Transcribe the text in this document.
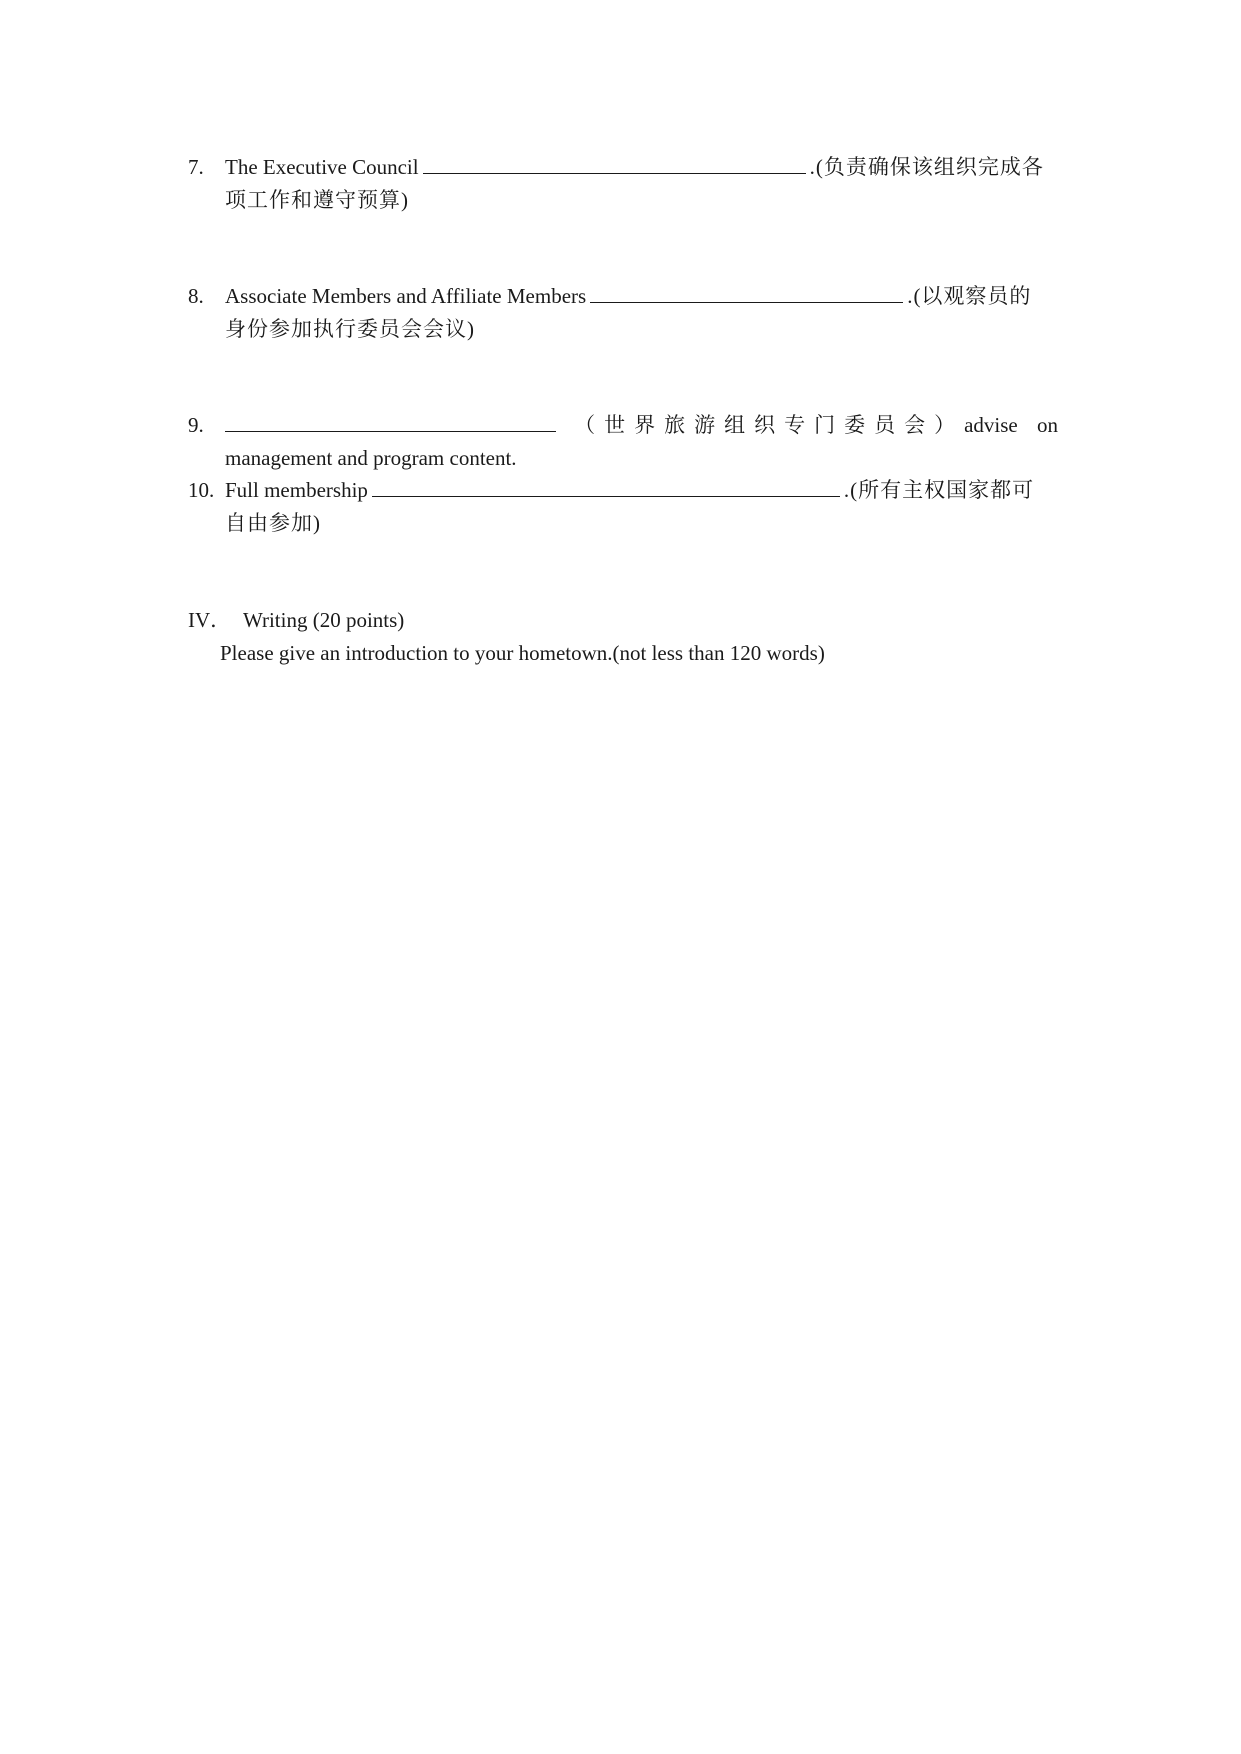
7. The Executive Council	.(负责确保该组织完成各
项工作和遵守预算)
8. Associate Members and Affiliate Members	.(以观察员的
身份参加执行委员会会议)
9.	（世界旅游组织专门委员会） advise on
management and program content.
10. Full membership	.(所有主权国家都可
自由参加)
IV． Writing (20 points)
Please give an introduction to your hometown.(not less than 120 words)
